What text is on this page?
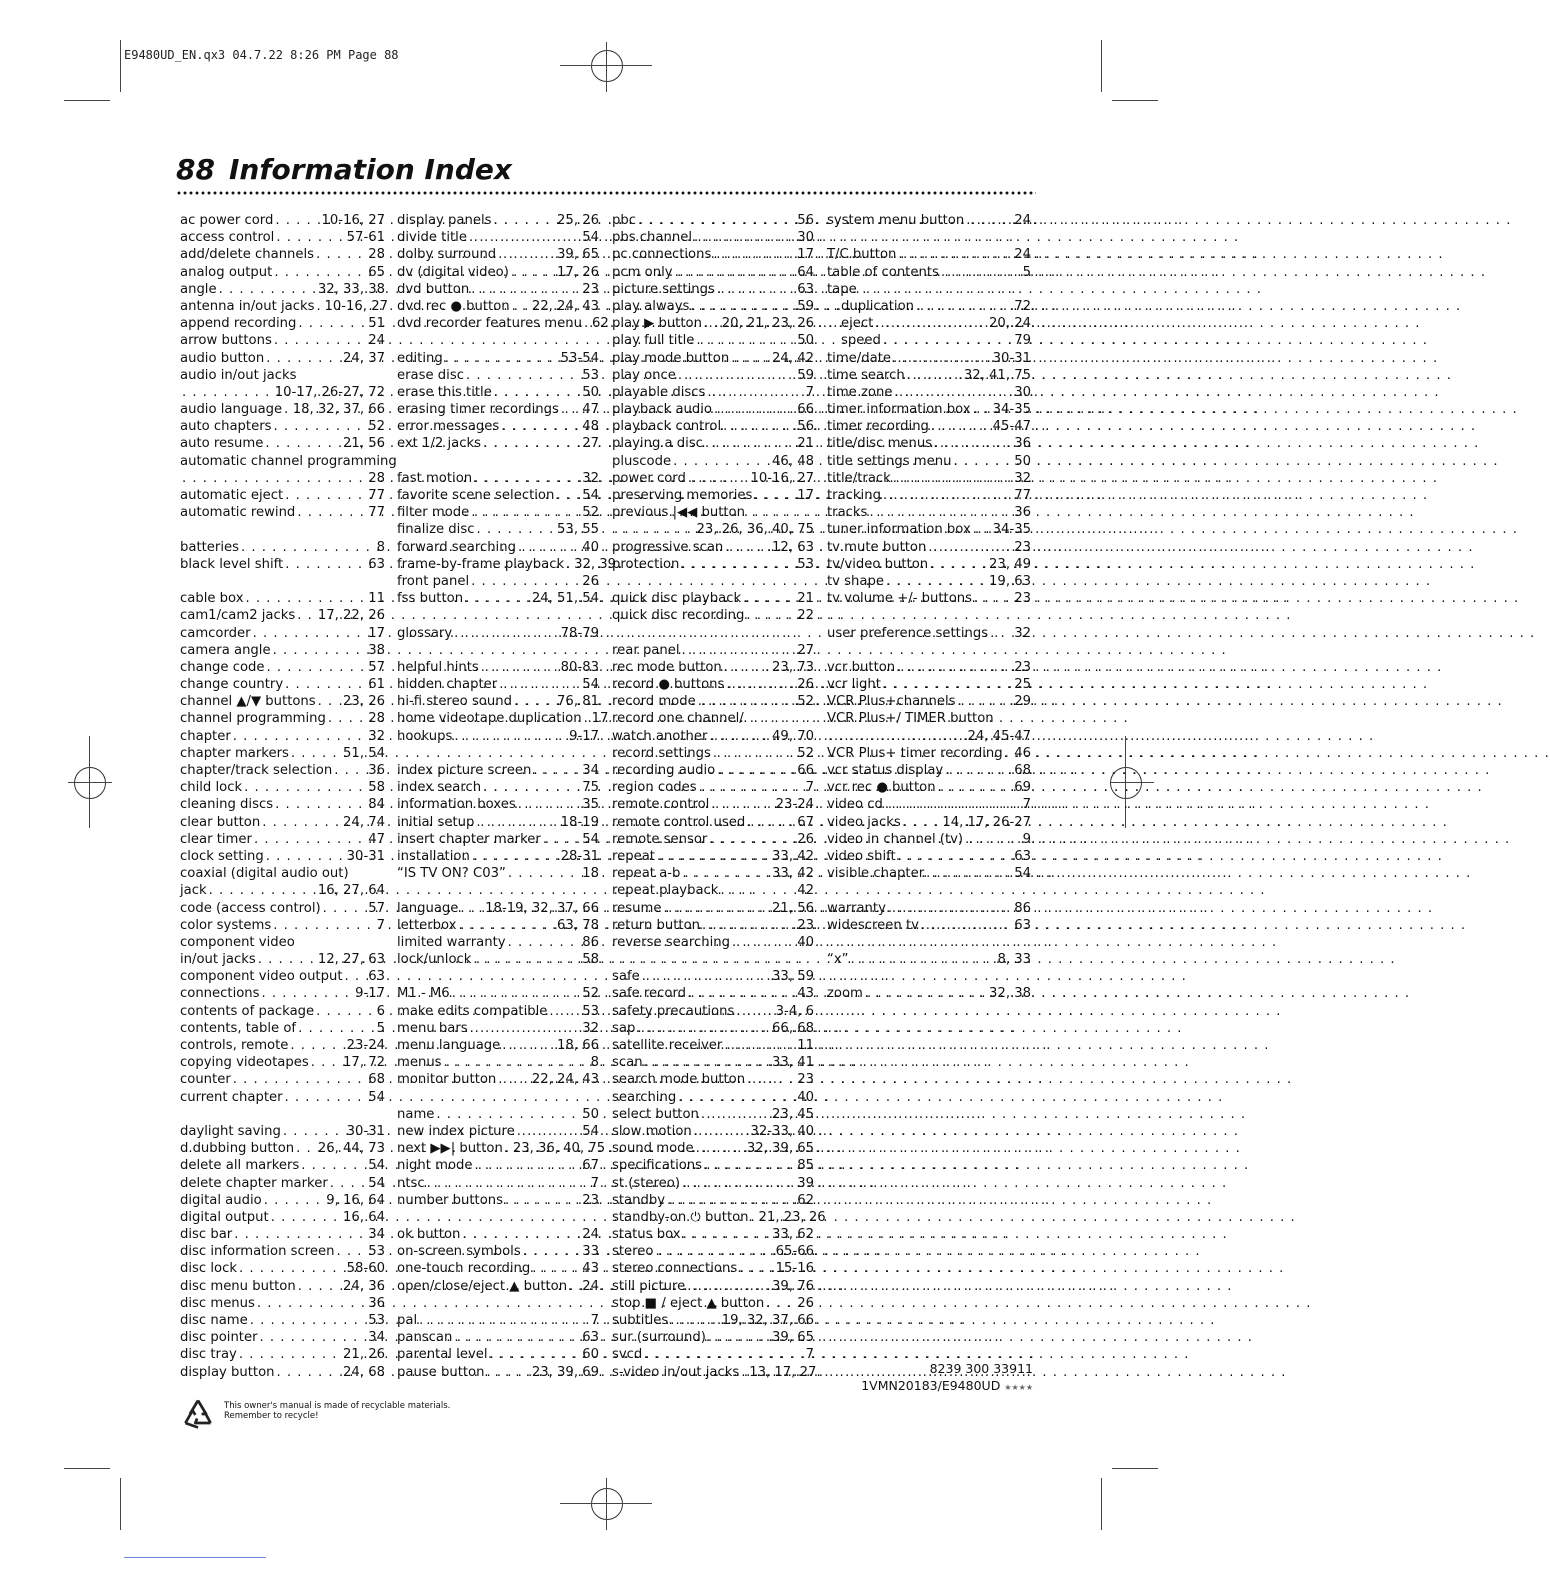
E9480UD_EN.qx3 04.7.22 8:26 PM Page 88
88 Information Index
ac power cord . . .	10-16, 27
access control . . .	57-61
add/delete channels . . .	28
analog output . . .	65
angle . . .	32, 33, 38
antenna in/out jacks . . . 10-16, 27
append recording . . .	51
arrow buttons . . .	24
audio button . . .	24, 37
audio in/out jacks
. . .
10-17, 26-27, 72
audio language . . . 18, 32, 37, 66
auto chapters . . .	52
auto resume . . .	21, 56
automatic channel programming
. . .
28
automatic eject . . .	77
automatic rewind . . .	77
batteries . . .	8
black level shift . . .	63
cable box . . .	11
cam1/cam2 jacks . . . 17, 22, 26
camcorder . . .	17
camera angle . . .	38
change code . . .	57
change country . . .	61
channel ▲/▼ buttons . . . 23, 26
channel programming . . .	28
chapter . . .	32
chapter markers . . .	51, 54
chapter/track selection . . .	36
child lock . . .	58
cleaning discs . . .	84
clear button . . .	24, 74
clear timer . . .	47
clock setting . . .	30-31
coaxial (digital audio out)
jack . . .	16, 27, 64
code (access control) . . .	57
color systems . . .	7
component video
in/out jacks . . .	12, 27, 63
component video output . . . 63
connections . . .	9-17
contents of package . . .	6
contents, table of . . .	5
controls, remote . . .	23-24
copying videotapes . . .	17, 72
counter . . .	68
current chapter . . .	54
daylight saving . . .	30-31
d.dubbing button . . . 26, 44, 73
delete all markers . . .	54
delete chapter marker . . .	54
digital audio . . .	9, 16, 64
digital output . . .	16, 64
disc bar . . .	34
disc information screen . . .	53
disc lock . . .	58-60
disc menu button . . .	24, 36
disc menus . . .	36
disc name . . .	53
disc pointer . . .	34
disc tray . . .	21, 26
display button . . .	24, 68
display panels . . .	25, 26
divide title . . .	54
dolby surround . . .	39, 65
dv (digital video) . . .	17, 26
dvd button . . .	23
dvd rec ● button . . . 22, 24, 43
dvd recorder features menu . . . 62
editing . . .	53-54
erase disc . . .	53
erase this title . . .	50
erasing timer recordings . . . 47
error messages . . .	48
ext 1/2 jacks . . .	27
fast motion . . .	32
favorite scene selection . . . 54
filter mode . . .	52
finalize disc . . .	53, 55
forward searching . . .	40
frame-by-frame playback . . . 32, 39
front panel . . .	26
fss button . . .	24, 51, 54
glossary . . .	78-79
helpful hints . . .	80-83
hidden chapter . . .	54
hi-fi stereo sound . . .	76, 81
home videotape duplication . . . 17
hookups . . .	9-17
index picture screen . . .	34
index search . . .	75
information boxes . . .	35
initial setup . . .	18-19
insert chapter marker . . .	54
installation . . .	28-31
“IS TV ON? C03” . . .	18
language . . . 18-19, 32, 37, 66
letterbox . . .	63, 78
limited warranty . . .	86
lock/unlock . . .	58
M1 - M6 . . .	52
make edits compatible . . .	53
menu bars . . .	32
menu language . . .	18, 66
menus . . .	8
monitor button . . .	22, 24, 43
name . . .	50
new index picture . . .	54
next ▶▶| button . . . 23, 36, 40, 75
night mode . . .	67
ntsc . . .	7
number buttons . . .	23
ok button . . .	24
on-screen symbols . . .	33
one-touch recording . . .	43
open/close/eject ▲ button . . . 24
pal . . .	7
panscan . . .	63
parental level . . .	60
pause button . . .	23, 39, 69
pbc . . .	56
pbs channel . . .	30
pc connections . . .	17
pcm only . . .	64
picture settings . . .	63
play always . . .	59
play ▶ button . . . 20, 21, 23, 26
play full title . . .	50
play mode button . . .	24, 42
play once . . .	59
playable discs . . .	7
playback audio . . .	66
playback control . . .	56
playing a disc . . .	21
pluscode . . .	46, 48
power cord . . .	10-16, 27
preserving memories . . .	17
previous |◀◀ button
. . .
23, 26, 36, 40, 75
progressive scan . . .	12, 63
protection . . .	53
quick disc playback . . .	21
quick disc recording . . .	22
rear panel . . .	27
rec mode button . . .	23, 73
record ● buttons . . .	26
record mode . . .	52
record one channel/
watch another . . .	49, 70
record settings . . .	52
recording audio . . .	66
region codes . . .	7
remote control . . .	23-24
remote control used . . .	67
remote sensor . . .	26
repeat . . .	33, 42
repeat a-b . . .	33, 42
repeat playback . . .	42
resume . . .	21, 56
return button . . .	23
reverse searching . . .	40
safe . . .	33, 59
safe record . . .	43
safety precautions . . .	3-4, 6
sap . . .	66, 68
satellite receiver . . .	11
scan . . .	33, 41
search mode button . . .	23
searching . . .	40
select button . . .	23, 45
slow motion . . .	32-33, 40
sound mode . . .	32, 39, 65
specifications . . .	85
st (stereo) . . .	39
standby . . .	62
standby-on ⏻ button . . . 21, 23, 26
status box . . .	33, 62
stereo . . .	65-66
stereo connections . . .	15-16
still picture . . .	39, 76
stop ■ / eject ▲ button . . . 26
subtitles . . .	19, 32, 37, 66
sur (surround) . . .	39, 65
svcd . . .	7
s-video in/out jacks . . . 13, 17, 27
system menu button . . .	24
T/C button . . .	24
table of contents . . .	5
tape
duplication . . .	72
eject . . .	20, 24
speed . . .	79
time/date . . .	30-31
time search . . .	32, 41, 75
time zone . . .	30
timer information box . . . 34-35
timer recording . . .	45-47
title/disc menus . . .	36
title settings menu . . .	50
title/track . . .	32
tracking . . .	77
tracks . . .	36
tuner information box . . . 34-35
tv mute button . . .	23
tv/video button . . .	23, 49
tv shape . . .	19, 63
tv volume +/- buttons . . .	23
user preference settings . . . 32
vcr button . . .	23
vcr light . . .	25
VCR Plus+channels . . .	29
VCR Plus+/ TIMER button
. . .
24, 45-47
VCR Plus+ timer recording . . . 46
vcr status display . . .	68
vcr rec ● button . . .	69
video cd . . .	7
video jacks . . .	14, 17, 26-27
video in channel (tv) . . .	9
video shift . . .	63
visible chapter . . .	54
warranty . . .	86
widescreen tv . . .	63
“x” . . .	8, 33
zoom . . .	32, 38
8239 300 33911
1VMN20183/E9480UD ★★★★
This owner's manual is made of recyclable materials.
Remember to recycle!
